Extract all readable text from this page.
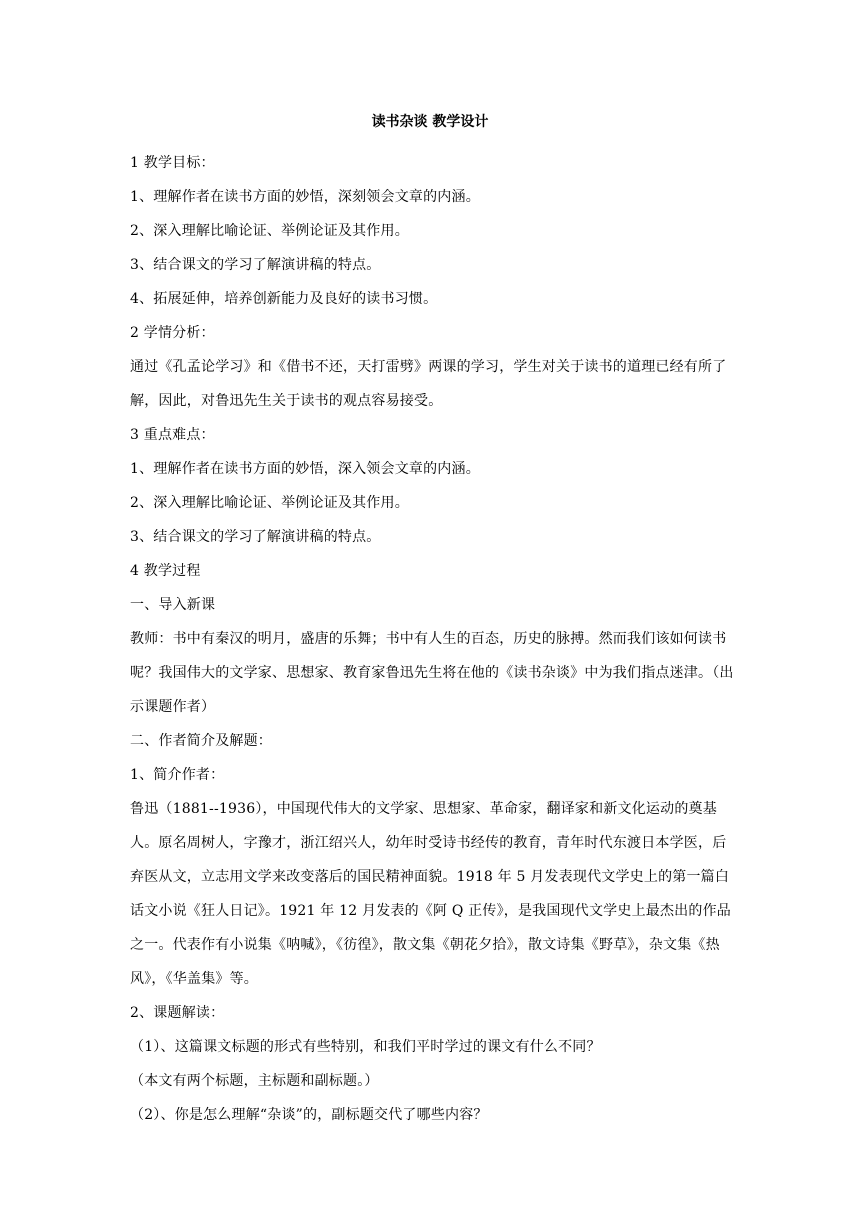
读书杂谈 教学设计

1 教学目标：

1、理解作者在读书方面的妙悟，深刻领会文章的内涵。

2、深入理解比喻论证、举例论证及其作用。

3、结合课文的学习了解演讲稿的特点。

4、拓展延伸，培养创新能力及良好的读书习惯。

2 学情分析：

通过《孔孟论学习》和《借书不还，天打雷劈》两课的学习，学生对关于读书的道理已经有所了解，因此，对鲁迅先生关于读书的观点容易接受。

3 重点难点：

1、理解作者在读书方面的妙悟，深入领会文章的内涵。

2、深入理解比喻论证、举例论证及其作用。

3、结合课文的学习了解演讲稿的特点。

4 教学过程

一、导入新课

教师：书中有秦汉的明月，盛唐的乐舞；书中有人生的百态，历史的脉搏。然而我们该如何读书呢？我国伟大的文学家、思想家、教育家鲁迅先生将在他的《读书杂谈》中为我们指点迷津。（出示课题作者）

二、作者简介及解题：

1、简介作者：

鲁迅（1881--1936），中国现代伟大的文学家、思想家、革命家，翻译家和新文化运动的奠基人。原名周树人，字豫才，浙江绍兴人，幼年时受诗书经传的教育，青年时代东渡日本学医，后弃医从文，立志用文学来改变落后的国民精神面貌。1918 年 5 月发表现代文学史上的第一篇白话文小说《狂人日记》。1921 年 12 月发表的《阿 Q 正传》，是我国现代文学史上最杰出的作品之一。代表作有小说集《呐喊》，《彷徨》，散文集《朝花夕拾》，散文诗集《野草》，杂文集《热风》，《华盖集》等。

2、课题解读：

（1）、这篇课文标题的形式有些特别，和我们平时学过的课文有什么不同？

（本文有两个标题，主标题和副标题。）

（2）、你是怎么理解“杂谈”的，副标题交代了哪些内容？
